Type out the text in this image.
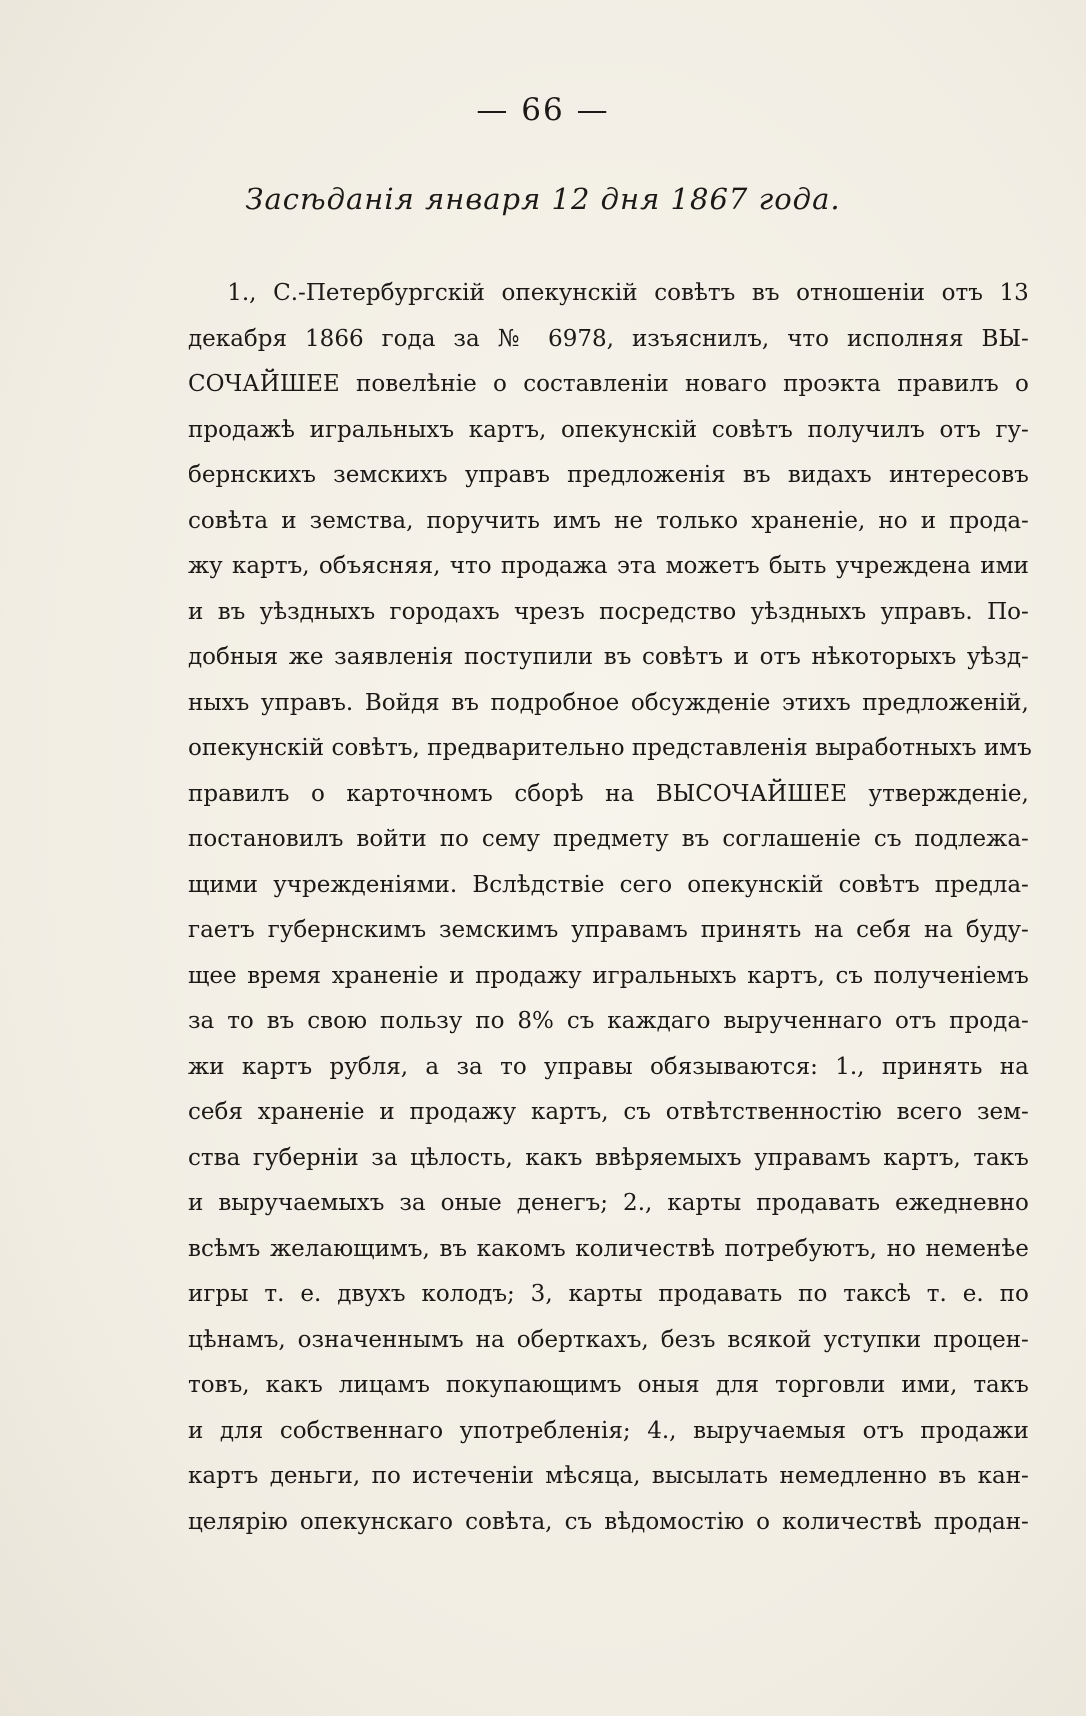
— 66 —
Засѣданія января 12 дня 1867 года.
1., С.-Петербургскій опекунскій совѣтъ въ отношеніи отъ 13
декабря 1866 года за № 6978, изъяснилъ, что исполняя ВЫ-
СОЧАЙШЕЕ повелѣніе о составленіи новаго проэкта правилъ о
продажѣ игральныхъ картъ, опекунскій совѣтъ получилъ отъ гу-
бернскихъ земскихъ управъ предложенія въ видахъ интересовъ
совѣта и земства, поручить имъ не только храненіе, но и прода-
жу картъ, объясняя, что продажа эта можетъ быть учреждена ими
и въ уѣздныхъ городахъ чрезъ посредство уѣздныхъ управъ. По-
добныя же заявленія поступили въ совѣтъ и отъ нѣкоторыхъ уѣзд-
ныхъ управъ. Войдя въ подробное обсужденіе этихъ предложеній,
опекунскій совѣтъ, предварительно представленія выработныхъ имъ
правилъ о карточномъ сборѣ на ВЫСОЧАЙШЕЕ утвержденіе,
постановилъ войти по сему предмету въ соглашеніе съ подлежа-
щими учрежденіями. Вслѣдствіе сего опекунскій совѣтъ предла-
гаетъ губернскимъ земскимъ управамъ принять на себя на буду-
щее время храненіе и продажу игральныхъ картъ, съ полученіемъ
за то въ свою пользу по 8% съ каждаго вырученнаго отъ прода-
жи картъ рубля, а за то управы обязываются: 1., принять на
себя храненіе и продажу картъ, съ отвѣтственностію всего зем-
ства губерніи за цѣлость, какъ ввѣряемыхъ управамъ картъ, такъ
и выручаемыхъ за оные денегъ; 2., карты продавать ежедневно
всѣмъ желающимъ, въ какомъ количествѣ потребуютъ, но неменѣе
игры т. е. двухъ колодъ; 3, карты продавать по таксѣ т. е. по
цѣнамъ, означеннымъ на оберткахъ, безъ всякой уступки процен-
товъ, какъ лицамъ покупающимъ оныя для торговли ими, такъ
и для собственнаго употребленія; 4., выручаемыя отъ продажи
картъ деньги, по истеченіи мѣсяца, высылать немедленно въ кан-
целярію опекунскаго совѣта, съ вѣдомостію о количествѣ продан-
